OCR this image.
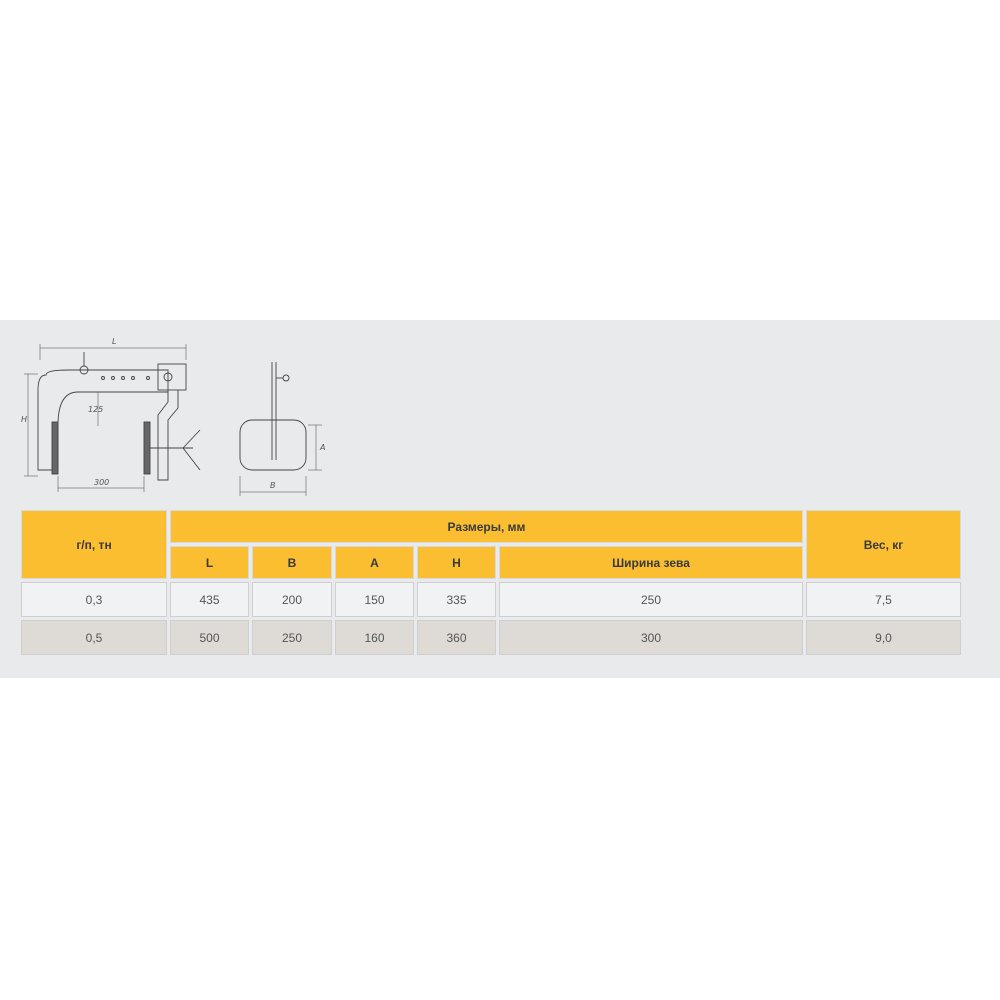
L
H
125
300	B
A
г/п, тн	Размеры, мм					Вес, кг
	L	B	A	H	Ширина зева	
0,3	435	200	150	335	250	7,5
0,5	500	250	160	360	300	9,0
